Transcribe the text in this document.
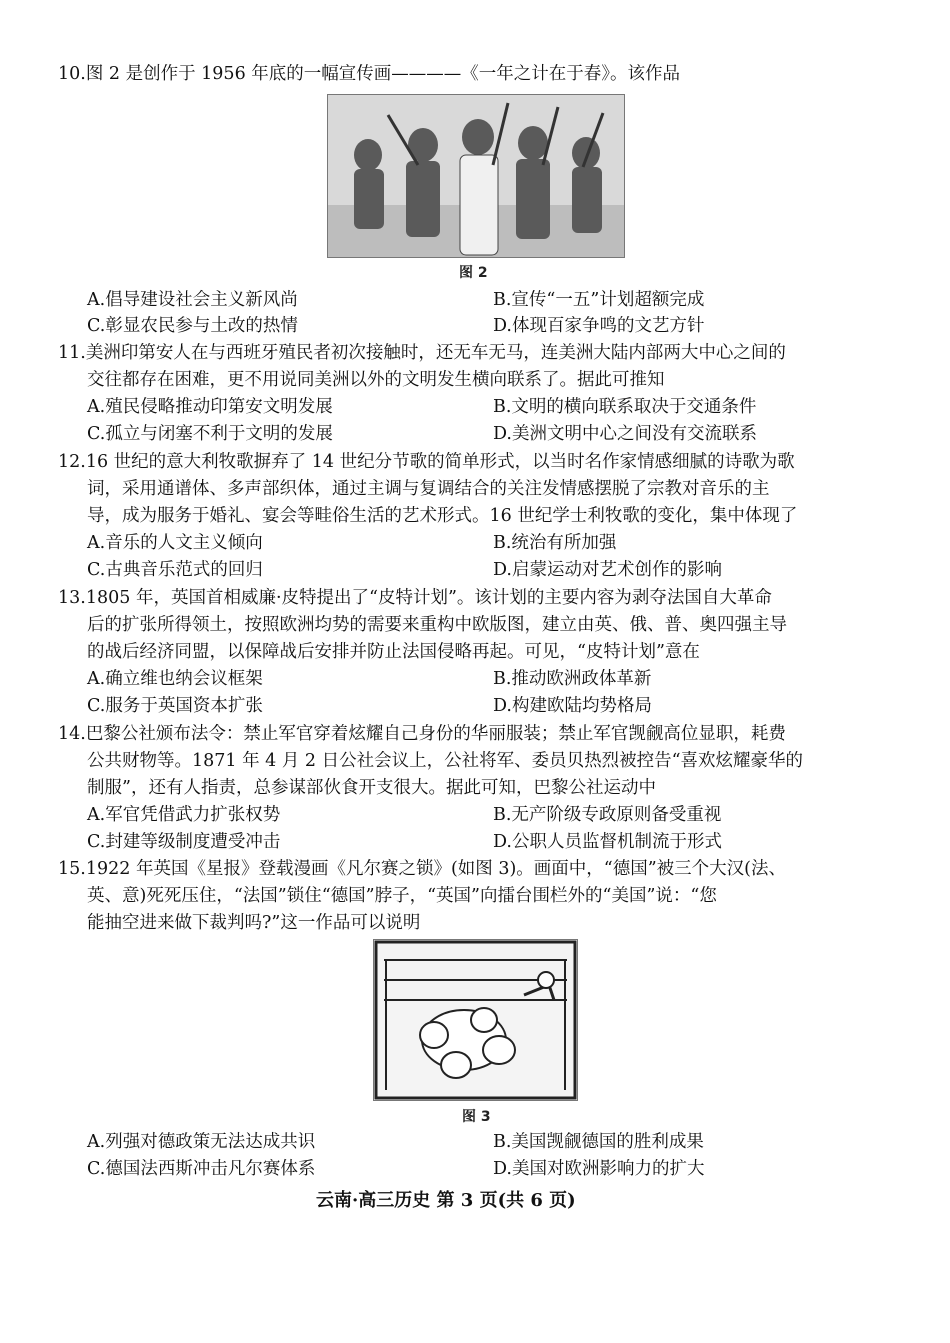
10.图 2 是创作于 1956 年底的一幅宣传画————《一年之计在于春》。该作品
图 2
A.倡导建设社会主义新风尚	B.宣传“一五”计划超额完成
C.彰显农民参与土改的热情	D.体现百家争鸣的文艺方针
11.美洲印第安人在与西班牙殖民者初次接触时，还无车无马，连美洲大陆内部两大中心之间的
交往都存在困难，更不用说同美洲以外的文明发生横向联系了。据此可推知
A.殖民侵略推动印第安文明发展	B.文明的横向联系取决于交通条件
C.孤立与闭塞不利于文明的发展	D.美洲文明中心之间没有交流联系
12.16 世纪的意大利牧歌摒弃了 14 世纪分节歌的简单形式，以当时名作家情感细腻的诗歌为歌
词，采用通谱体、多声部织体，通过主调与复调结合的关注发情感摆脱了宗教对音乐的主
导，成为服务于婚礼、宴会等畦俗生活的艺术形式。16 世纪学士利牧歌的变化，集中体现了
A.音乐的人文主义倾向	B.统治有所加强
C.古典音乐范式的回归	D.启蒙运动对艺术创作的影响
13.1805 年，英国首相威廉·皮特提出了“皮特计划”。该计划的主要内容为剥夺法国自大革命
后的扩张所得领土，按照欧洲均势的需要来重构中欧版图，建立由英、俄、普、奥四强主导
的战后经济同盟，以保障战后安排并防止法国侵略再起。可见，“皮特计划”意在
A.确立维也纳会议框架	B.推动欧洲政体革新
C.服务于英国资本扩张	D.构建欧陆均势格局
14.巴黎公社颁布法令：禁止军官穿着炫耀自己身份的华丽服装；禁止军官觊觎高位显职，耗费
公共财物等。1871 年 4 月 2 日公社会议上，公社将军、委员贝热烈被控告“喜欢炫耀豪华的
制服”，还有人指责，总参谋部伙食开支很大。据此可知，巴黎公社运动中
A.军官凭借武力扩张权势	B.无产阶级专政原则备受重视
C.封建等级制度遭受冲击	D.公职人员监督机制流于形式
15.1922 年英国《星报》登载漫画《凡尔赛之锁》(如图 3)。画面中，“德国”被三个大汉(法、
英、意)死死压住，“法国”锁住“德国”脖子，“英国”向擂台围栏外的“美国”说：“您
能抽空进来做下裁判吗?”这一作品可以说明
图 3
A.列强对德政策无法达成共识	B.美国觊觎德国的胜利成果
C.德国法西斯冲击凡尔赛体系	D.美国对欧洲影响力的扩大
云南·高三历史 第 3 页(共 6 页)
